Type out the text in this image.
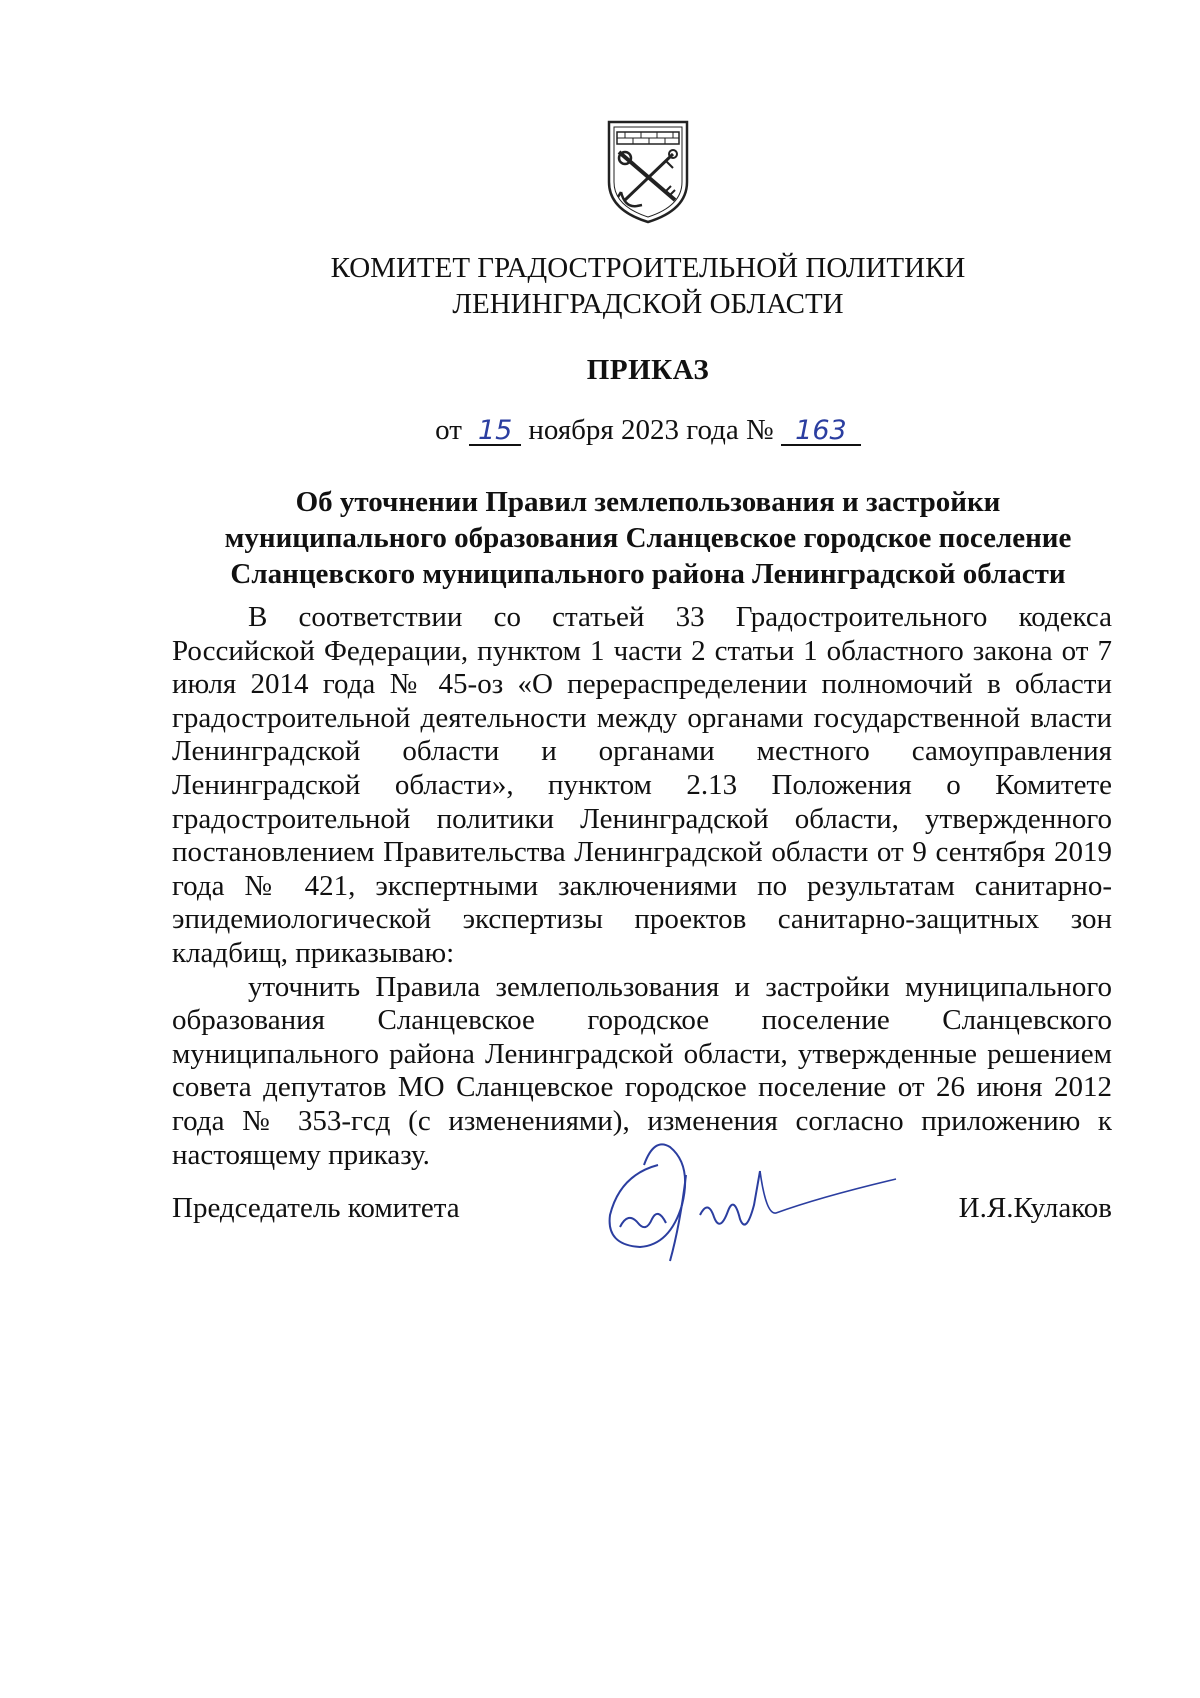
КОМИТЕТ ГРАДОСТРОИТЕЛЬНОЙ ПОЛИТИКИ
ЛЕНИНГРАДСКОЙ ОБЛАСТИ
ПРИКАЗ
от 15 ноября 2023 года № 163
Об уточнении Правил землепользования и застройки
муниципального образования Сланцевское городское поселение
Сланцевского муниципального района Ленинградской области

В соответствии со статьей 33 Градостроительного кодекса Российской Федерации, пунктом 1 части 2 статьи 1 областного закона от 7 июля 2014 года № 45-оз «О перераспределении полномочий в области градостроительной деятельности между органами государственной власти Ленинградской области и органами местного самоуправления Ленинградской области», пунктом 2.13 Положения о Комитете градостроительной политики Ленинградской области, утвержденного постановлением Правительства Ленинградской области от 9 сентября 2019 года № 421, экспертными заключениями по результатам санитарно-эпидемиологической экспертизы проектов санитарно-защитных зон кладбищ, приказываю:

уточнить Правила землепользования и застройки муниципального образования Сланцевское городское поселение Сланцевского муниципального района Ленинградской области, утвержденные решением совета депутатов МО Сланцевское городское поселение от 26 июня 2012 года № 353-гсд (с изменениями), изменения согласно приложению к настоящему приказу.

Председатель комитета	И.Я.Кулаков
